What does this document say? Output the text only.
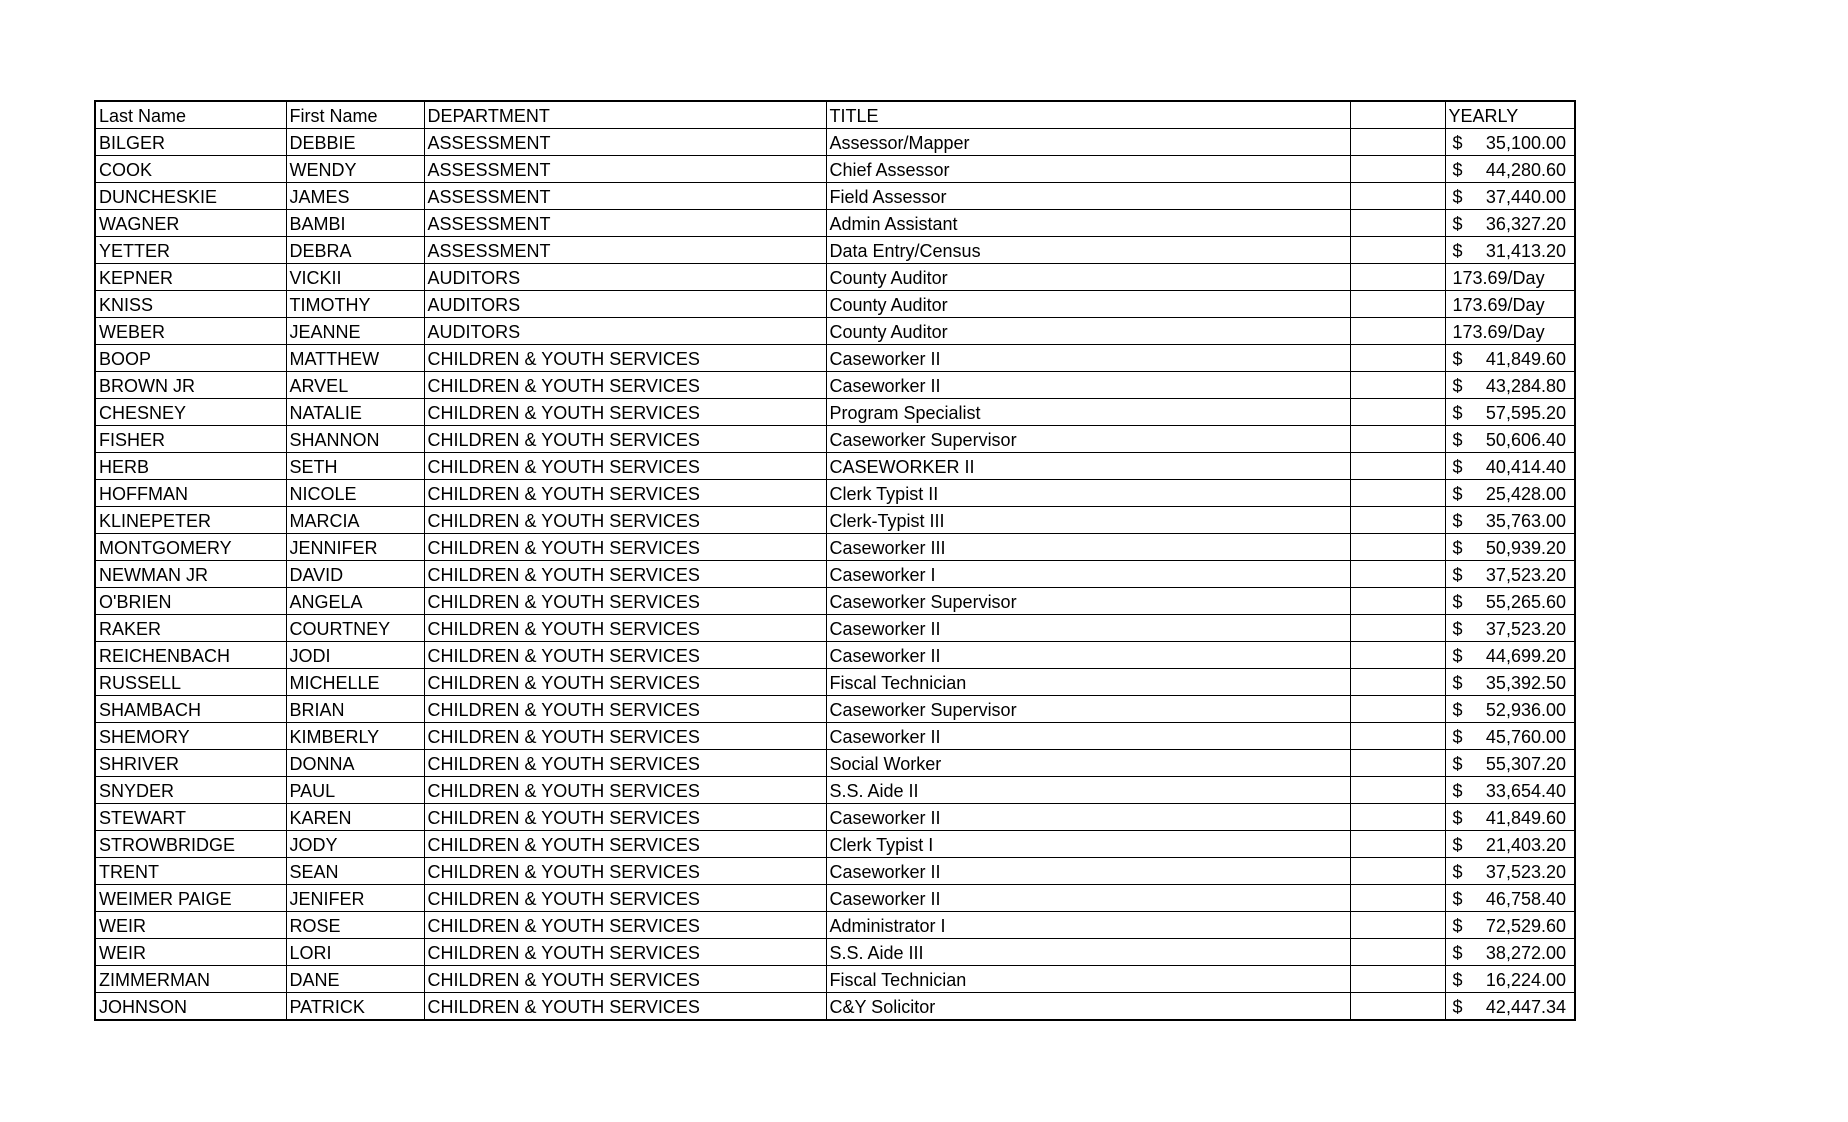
Last Name	First Name	DEPARTMENT	TITLE		YEARLY
BILGER	DEBBIE	ASSESSMENT	Assessor/Mapper		$ 35,100.00

COOK	WENDY	ASSESSMENT	Chief Assessor		$ 44,280.60

DUNCHESKIE	JAMES	ASSESSMENT	Field Assessor		$ 37,440.00

WAGNER	BAMBI	ASSESSMENT	Admin Assistant		$ 36,327.20

YETTER	DEBRA	ASSESSMENT	Data Entry/Census		$ 31,413.20

KEPNER	VICKII	AUDITORS	County Auditor		173.69/Day

KNISS	TIMOTHY	AUDITORS	County Auditor		173.69/Day

WEBER	JEANNE	AUDITORS	County Auditor		173.69/Day

BOOP	MATTHEW	CHILDREN & YOUTH SERVICES	Caseworker II		$ 41,849.60

BROWN JR	ARVEL	CHILDREN & YOUTH SERVICES	Caseworker II		$ 43,284.80

CHESNEY	NATALIE	CHILDREN & YOUTH SERVICES	Program Specialist		$ 57,595.20

FISHER	SHANNON	CHILDREN & YOUTH SERVICES	Caseworker Supervisor		$ 50,606.40

HERB	SETH	CHILDREN & YOUTH SERVICES	CASEWORKER II		$ 40,414.40

HOFFMAN	NICOLE	CHILDREN & YOUTH SERVICES	Clerk Typist II		$ 25,428.00

KLINEPETER	MARCIA	CHILDREN & YOUTH SERVICES	Clerk-Typist III		$ 35,763.00

MONTGOMERY	JENNIFER	CHILDREN & YOUTH SERVICES	Caseworker III		$ 50,939.20

NEWMAN JR	DAVID	CHILDREN & YOUTH SERVICES	Caseworker I		$ 37,523.20

O'BRIEN	ANGELA	CHILDREN & YOUTH SERVICES	Caseworker Supervisor		$ 55,265.60

RAKER	COURTNEY	CHILDREN & YOUTH SERVICES	Caseworker II		$ 37,523.20

REICHENBACH	JODI	CHILDREN & YOUTH SERVICES	Caseworker II		$ 44,699.20

RUSSELL	MICHELLE	CHILDREN & YOUTH SERVICES	Fiscal Technician		$ 35,392.50

SHAMBACH	BRIAN	CHILDREN & YOUTH SERVICES	Caseworker Supervisor		$ 52,936.00

SHEMORY	KIMBERLY	CHILDREN & YOUTH SERVICES	Caseworker II		$ 45,760.00

SHRIVER	DONNA	CHILDREN & YOUTH SERVICES	Social Worker		$ 55,307.20

SNYDER	PAUL	CHILDREN & YOUTH SERVICES	S.S. Aide II		$ 33,654.40

STEWART	KAREN	CHILDREN & YOUTH SERVICES	Caseworker II		$ 41,849.60

STROWBRIDGE	JODY	CHILDREN & YOUTH SERVICES	Clerk Typist I		$ 21,403.20

TRENT	SEAN	CHILDREN & YOUTH SERVICES	Caseworker II		$ 37,523.20

WEIMER PAIGE	JENIFER	CHILDREN & YOUTH SERVICES	Caseworker II		$ 46,758.40

WEIR	ROSE	CHILDREN & YOUTH SERVICES	Administrator I		$ 72,529.60

WEIR	LORI	CHILDREN & YOUTH SERVICES	S.S. Aide III		$ 38,272.00

ZIMMERMAN	DANE	CHILDREN & YOUTH SERVICES	Fiscal Technician		$ 16,224.00

JOHNSON	PATRICK	CHILDREN & YOUTH SERVICES	C&Y Solicitor		$ 42,447.34
